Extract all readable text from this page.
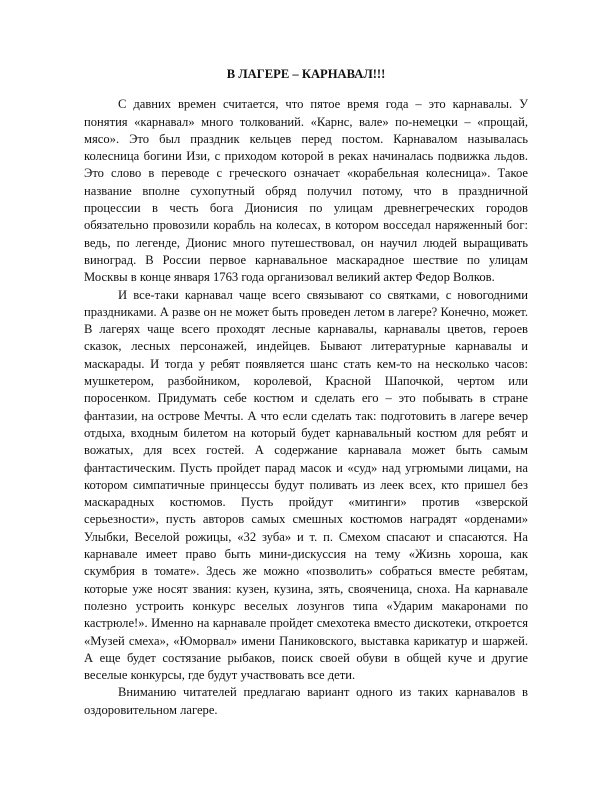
В ЛАГЕРЕ – КАРНАВАЛ!!!

С давних времен считается, что пятое время года – это карнавалы. У понятия «карнавал» много толкований. «Карнс, вале» по-немецки – «прощай, мясо». Это был праздник кельцев перед постом. Карнавалом называлась колесница богини Изи, с приходом которой в реках начиналась подвижка льдов. Это слово в переводе с греческого означает «корабельная колесница». Такое название вполне сухопутный обряд получил потому, что в праздничной процессии в честь бога Дионисия по улицам древнегреческих городов обязательно провозили корабль на колесах, в котором восседал наряженный бог: ведь, по легенде, Дионис много путешествовал, он научил людей выращивать виноград. В России первое карнавальное маскарадное шествие по улицам Москвы в конце января 1763 года организовал великий актер Федор Волков.

И все-таки карнавал чаще всего связывают со святками, с новогодними праздниками. А разве он не может быть проведен летом в лагере? Конечно, может. В лагерях чаще всего проходят лесные карнавалы, карнавалы цветов, героев сказок, лесных персонажей, индейцев. Бывают литературные карнавалы и маскарады. И тогда у ребят появляется шанс стать кем-то на несколько часов: мушкетером, разбойником, королевой, Красной Шапочкой, чертом или поросенком. Придумать себе костюм и сделать его – это побывать в стране фантазии, на острове Мечты. А что если сделать так: подготовить в лагере вечер отдыха, входным билетом на который будет карнавальный костюм для ребят и вожатых, для всех гостей. А содержание карнавала может быть самым фантастическим. Пусть пройдет парад масок и «суд» над угрюмыми лицами, на котором симпатичные принцессы будут поливать из леек всех, кто пришел без маскарадных костюмов. Пусть пройдут «митинги» против «зверской серьезности», пусть авторов самых смешных костюмов наградят «орденами» Улыбки, Веселой рожицы, «32 зуба» и т. п. Смехом спасают и спасаются. На карнавале имеет право быть мини-дискуссия на тему «Жизнь хороша, как скумбрия в томате». Здесь же можно «позволить» собраться вместе ребятам, которые уже носят звания: кузен, кузина, зять, свояченица, сноха. На карнавале полезно устроить конкурс веселых лозунгов типа «Ударим макаронами по кастрюле!». Именно на карнавале пройдет смехотека вместо дискотеки, откроется «Музей смеха», «Юморвал» имени Паниковского, выставка карикатур и шаржей. А еще будет состязание рыбаков, поиск своей обуви в общей куче и другие веселые конкурсы, где будут участвовать все дети.

Вниманию читателей предлагаю вариант одного из таких карнавалов в оздоровительном лагере.
